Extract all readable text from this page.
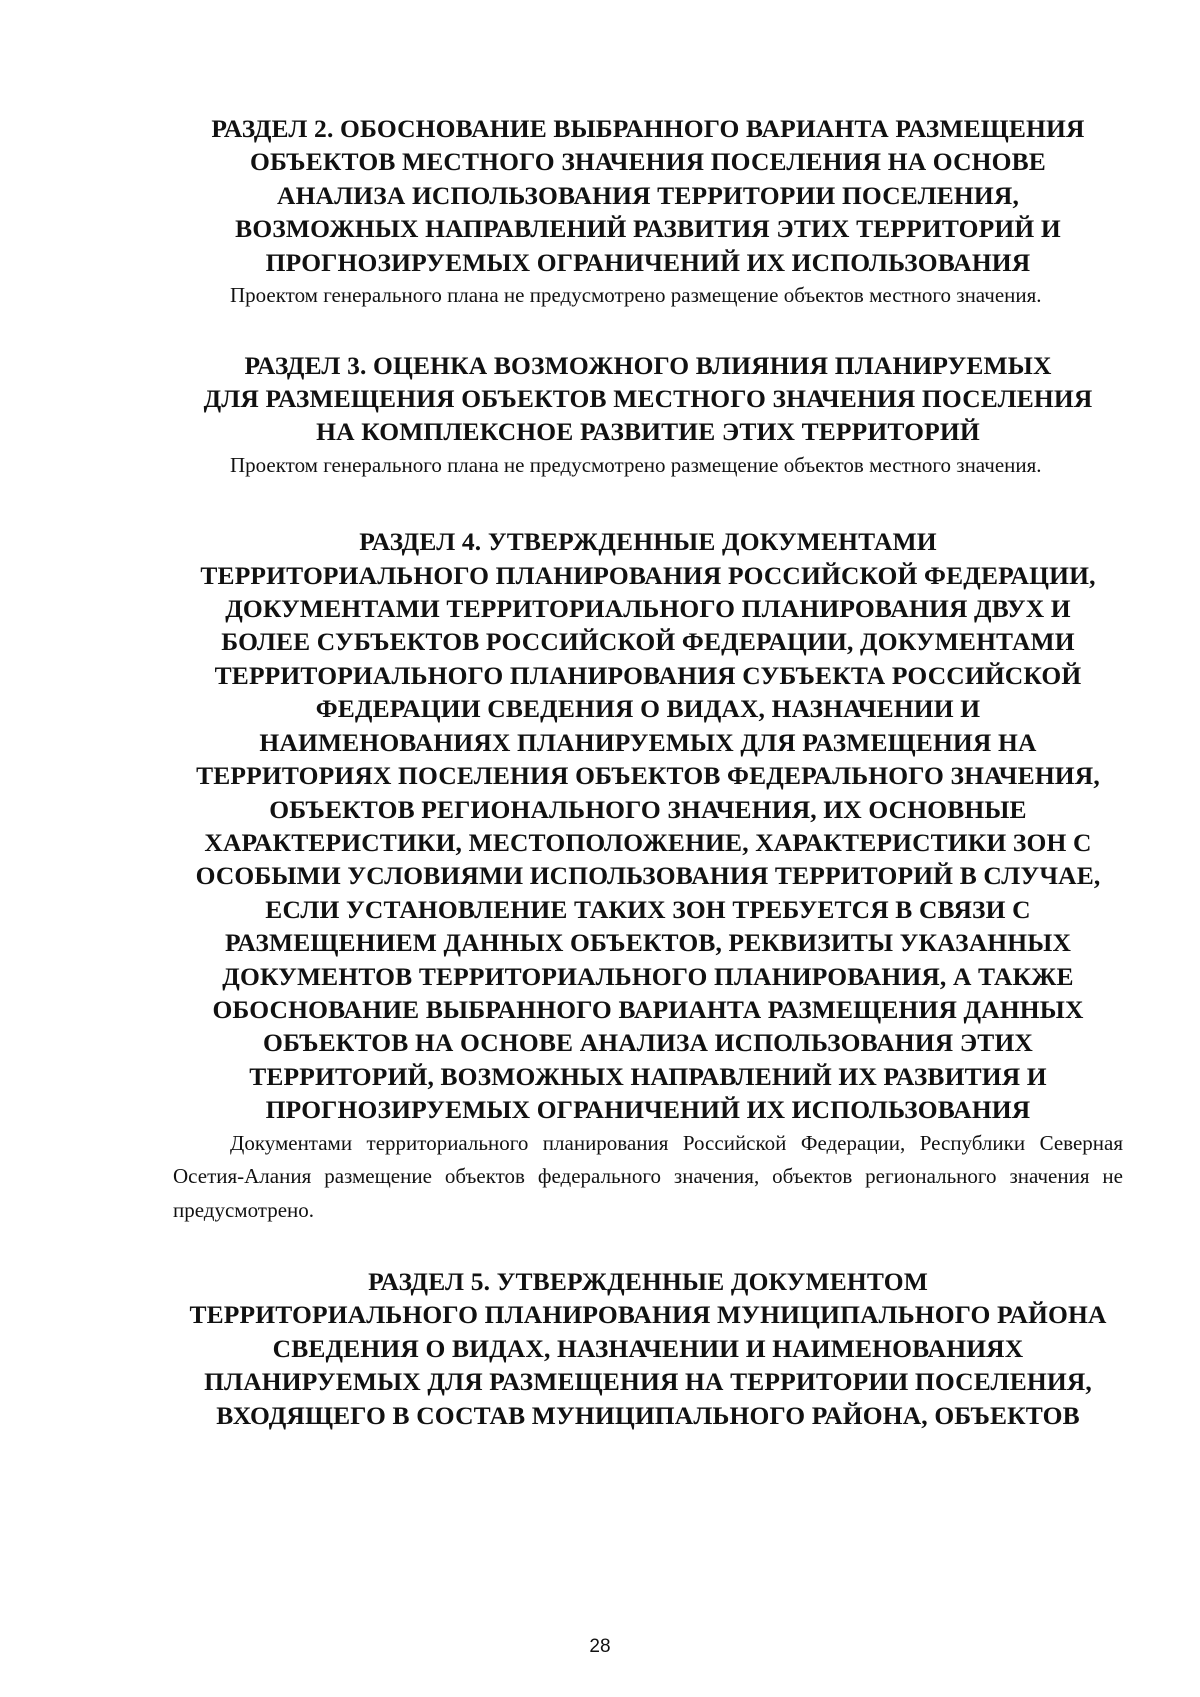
РАЗДЕЛ 2. ОБОСНОВАНИЕ ВЫБРАННОГО ВАРИАНТА РАЗМЕЩЕНИЯ
ОБЪЕКТОВ МЕСТНОГО ЗНАЧЕНИЯ ПОСЕЛЕНИЯ НА ОСНОВЕ
АНАЛИЗА ИСПОЛЬЗОВАНИЯ ТЕРРИТОРИИ ПОСЕЛЕНИЯ,
ВОЗМОЖНЫХ НАПРАВЛЕНИЙ РАЗВИТИЯ ЭТИХ ТЕРРИТОРИЙ И
ПРОГНОЗИРУЕМЫХ ОГРАНИЧЕНИЙ ИХ ИСПОЛЬЗОВАНИЯ

Проектом генерального плана не предусмотрено размещение объектов местного значения.

РАЗДЕЛ 3. ОЦЕНКА ВОЗМОЖНОГО ВЛИЯНИЯ ПЛАНИРУЕМЫХ
ДЛЯ РАЗМЕЩЕНИЯ ОБЪЕКТОВ МЕСТНОГО ЗНАЧЕНИЯ ПОСЕЛЕНИЯ
НА КОМПЛЕКСНОЕ РАЗВИТИЕ ЭТИХ ТЕРРИТОРИЙ

Проектом генерального плана не предусмотрено размещение объектов местного значения.

РАЗДЕЛ 4. УТВЕРЖДЕННЫЕ ДОКУМЕНТАМИ
ТЕРРИТОРИАЛЬНОГО ПЛАНИРОВАНИЯ РОССИЙСКОЙ ФЕДЕРАЦИИ,
ДОКУМЕНТАМИ ТЕРРИТОРИАЛЬНОГО ПЛАНИРОВАНИЯ ДВУХ И
БОЛЕЕ СУБЪЕКТОВ РОССИЙСКОЙ ФЕДЕРАЦИИ, ДОКУМЕНТАМИ
ТЕРРИТОРИАЛЬНОГО ПЛАНИРОВАНИЯ СУБЪЕКТА РОССИЙСКОЙ
ФЕДЕРАЦИИ СВЕДЕНИЯ О ВИДАХ, НАЗНАЧЕНИИ И
НАИМЕНОВАНИЯХ ПЛАНИРУЕМЫХ ДЛЯ РАЗМЕЩЕНИЯ НА
ТЕРРИТОРИЯХ ПОСЕЛЕНИЯ ОБЪЕКТОВ ФЕДЕРАЛЬНОГО ЗНАЧЕНИЯ,
ОБЪЕКТОВ РЕГИОНАЛЬНОГО ЗНАЧЕНИЯ, ИХ ОСНОВНЫЕ
ХАРАКТЕРИСТИКИ, МЕСТОПОЛОЖЕНИЕ, ХАРАКТЕРИСТИКИ ЗОН С
ОСОБЫМИ УСЛОВИЯМИ ИСПОЛЬЗОВАНИЯ ТЕРРИТОРИЙ В СЛУЧАЕ,
ЕСЛИ УСТАНОВЛЕНИЕ ТАКИХ ЗОН ТРЕБУЕТСЯ В СВЯЗИ С
РАЗМЕЩЕНИЕМ ДАННЫХ ОБЪЕКТОВ, РЕКВИЗИТЫ УКАЗАННЫХ
ДОКУМЕНТОВ ТЕРРИТОРИАЛЬНОГО ПЛАНИРОВАНИЯ, А ТАКЖЕ
ОБОСНОВАНИЕ ВЫБРАННОГО ВАРИАНТА РАЗМЕЩЕНИЯ ДАННЫХ
ОБЪЕКТОВ НА ОСНОВЕ АНАЛИЗА ИСПОЛЬЗОВАНИЯ ЭТИХ
ТЕРРИТОРИЙ, ВОЗМОЖНЫХ НАПРАВЛЕНИЙ ИХ РАЗВИТИЯ И
ПРОГНОЗИРУЕМЫХ ОГРАНИЧЕНИЙ ИХ ИСПОЛЬЗОВАНИЯ

Документами территориального планирования Российской Федерации, Республики Северная Осетия-Алания размещение объектов федерального значения, объектов регионального значения не предусмотрено.

РАЗДЕЛ 5. УТВЕРЖДЕННЫЕ ДОКУМЕНТОМ
ТЕРРИТОРИАЛЬНОГО ПЛАНИРОВАНИЯ МУНИЦИПАЛЬНОГО РАЙОНА
СВЕДЕНИЯ О ВИДАХ, НАЗНАЧЕНИИ И НАИМЕНОВАНИЯХ
ПЛАНИРУЕМЫХ ДЛЯ РАЗМЕЩЕНИЯ НА ТЕРРИТОРИИ ПОСЕЛЕНИЯ,
ВХОДЯЩЕГО В СОСТАВ МУНИЦИПАЛЬНОГО РАЙОНА, ОБЪЕКТОВ
28
